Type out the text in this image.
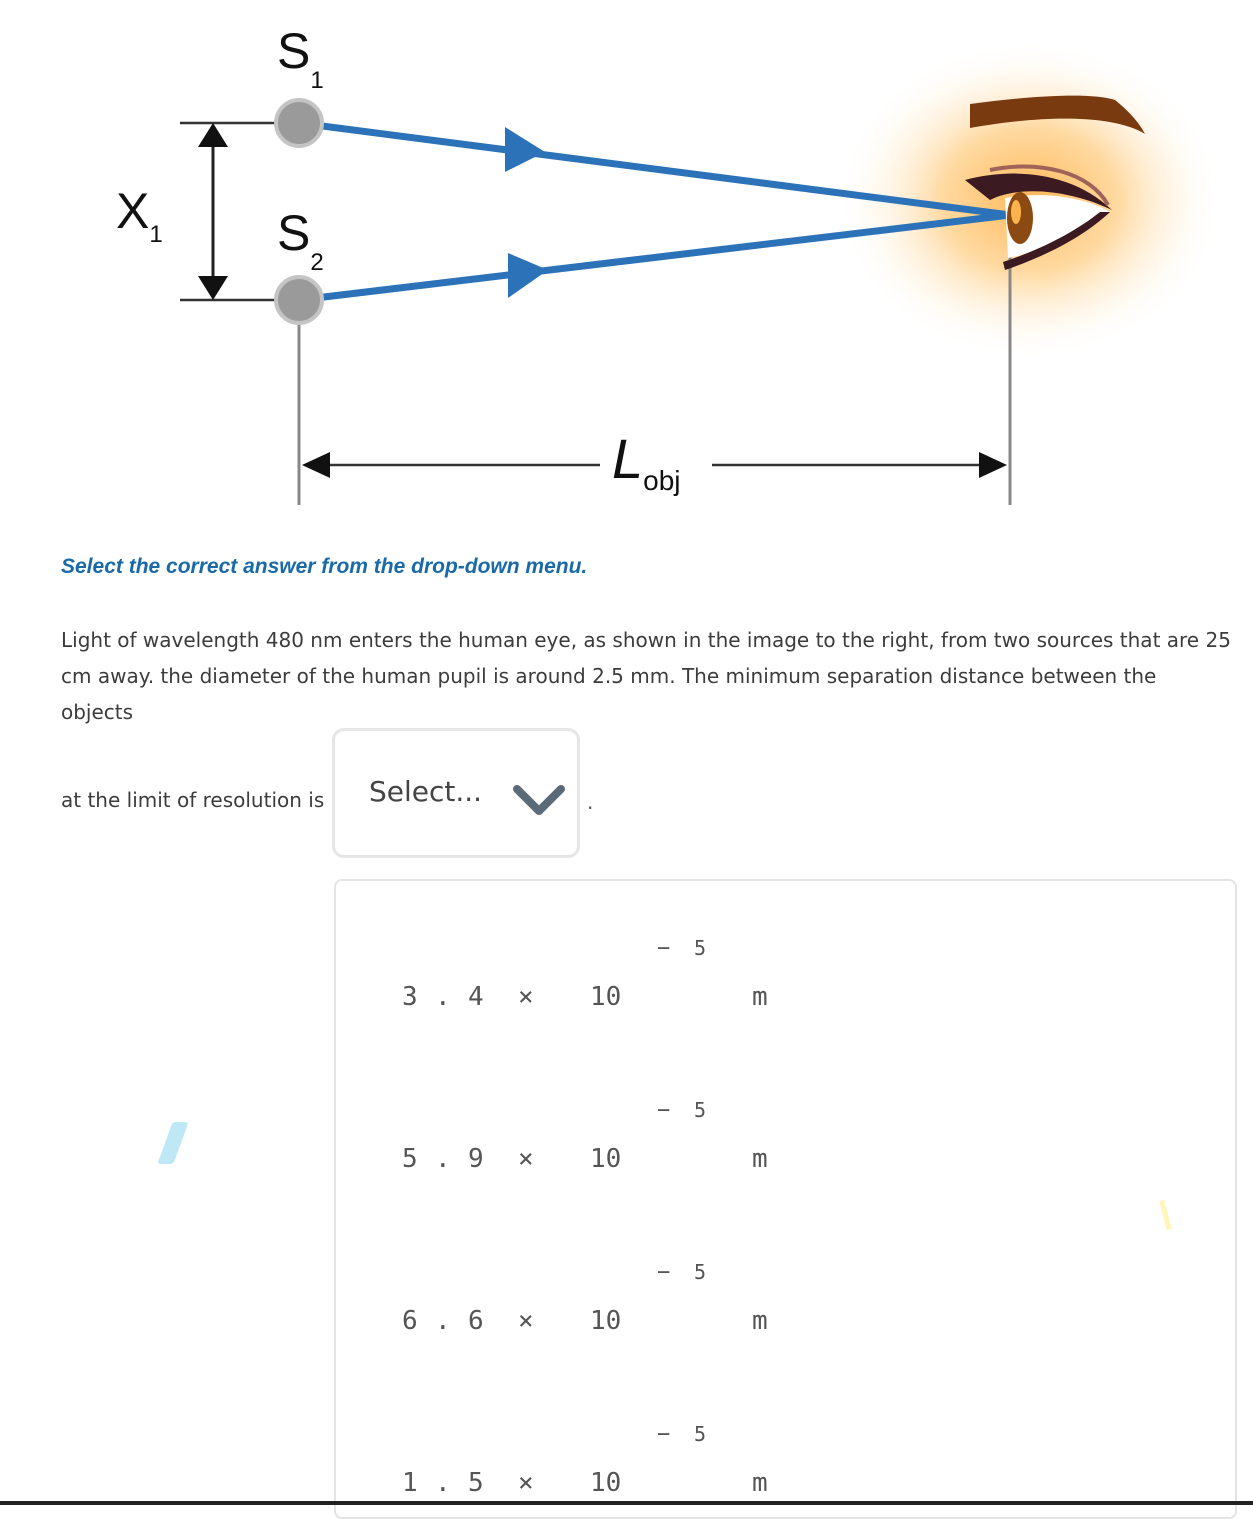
$S_1$
$S_2$
$X_1$
$L_{obj}$
Select the correct answer from the drop-down menu.
Light of wavelength 480 nm enters the human eye, as shown in the image to the right, from two sources that are 25 cm away. the diameter of the human pupil is around 2.5 mm. The minimum separation distance between the objects
at the limit of resolution is Select...	.
3 . 4 × 10
− 5
m
5 . 9 × 10
− 5
m
6 . 6 × 10
− 5
m
1 . 5 × 10
− 5
m
